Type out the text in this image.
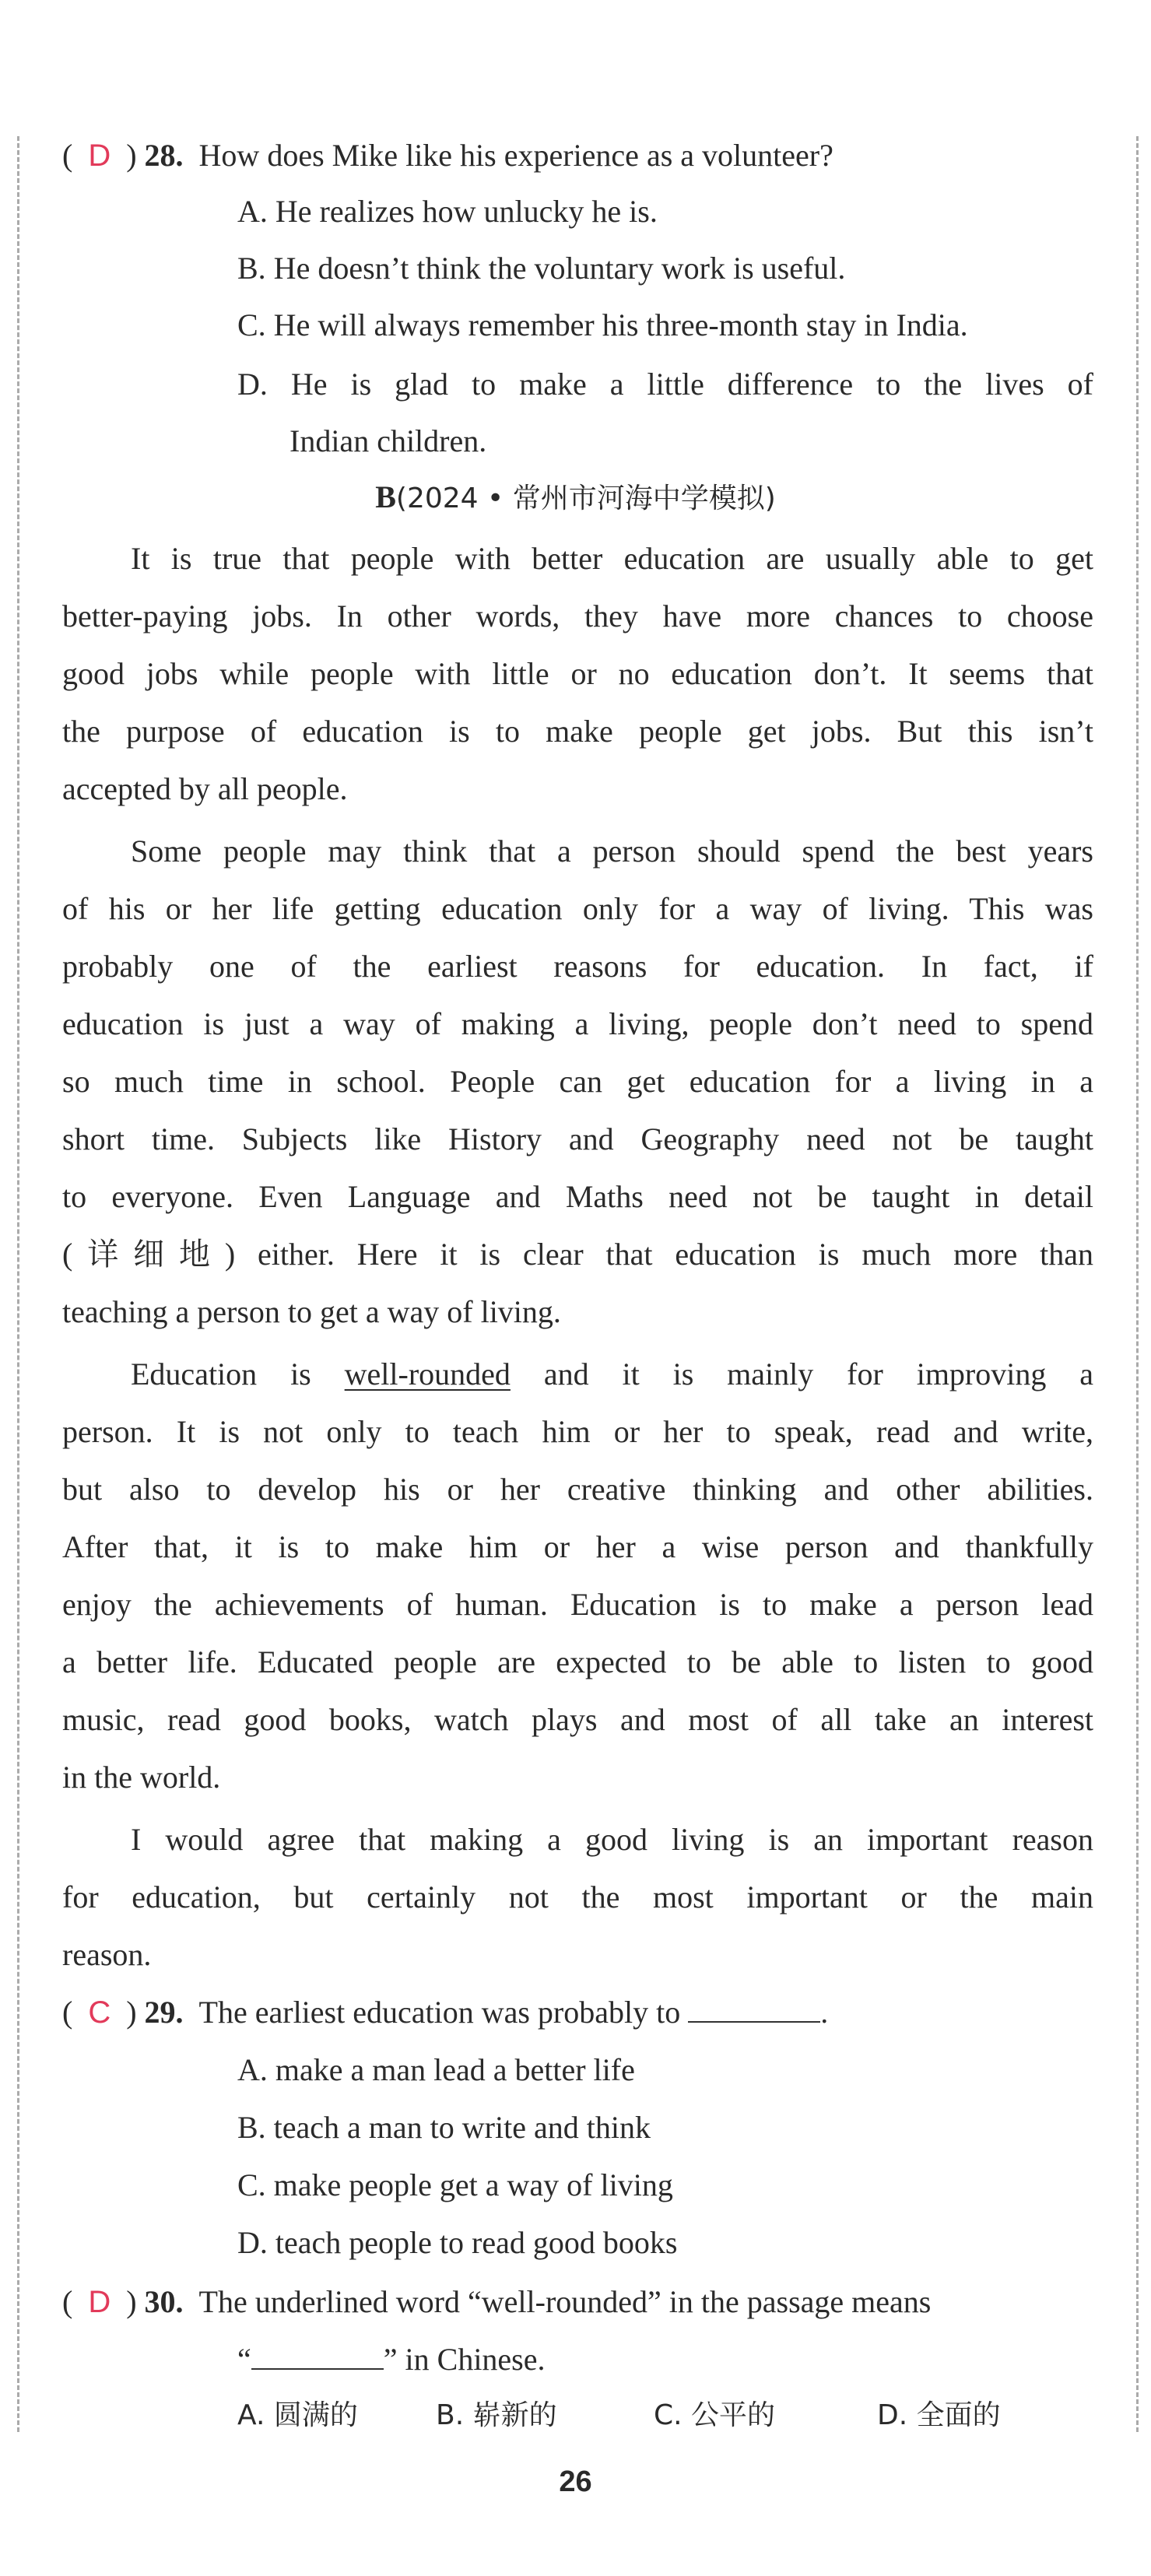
( D ) 28. How does Mike like his experience as a volunteer?
A. He realizes how unlucky he is.
B. He doesn’t think the voluntary work is useful.
C. He will always remember his three-month stay in India.
D. He is glad to make a little difference to the lives of
Indian children.
B(2024 • 常州市河海中学模拟)
It is true that people with better education are usually able to get
better-paying jobs. In other words, they have more chances to choose
good jobs while people with little or no education don’t. It seems that
the purpose of education is to make people get jobs. But this isn’t
accepted by all people.
Some people may think that a person should spend the best years
of his or her life getting education only for a way of living. This was
probably one of the earliest reasons for education. In fact, if
education is just a way of making a living, people don’t need to spend
so much time in school. People can get education for a living in a
short time. Subjects like History and Geography need not be taught
to everyone. Even Language and Maths need not be taught in detail
(详细地) either. Here it is clear that education is much more than
teaching a person to get a way of living.
Education is well-rounded and it is mainly for improving a
person. It is not only to teach him or her to speak, read and write,
but also to develop his or her creative thinking and other abilities.
After that, it is to make him or her a wise person and thankfully
enjoy the achievements of human. Education is to make a person lead
a better life. Educated people are expected to be able to listen to good
music, read good books, watch plays and most of all take an interest
in the world.
I would agree that making a good living is an important reason
for education, but certainly not the most important or the main
reason.
( C ) 29. The earliest education was probably to	.
A. make a man lead a better life
B. teach a man to write and think
C. make people get a way of living
D. teach people to read good books
( D ) 30. The underlined word “well-rounded” in the passage means
“	” in Chinese.
A. 圆满的	B. 崭新的	C. 公平的	D. 全面的
26
